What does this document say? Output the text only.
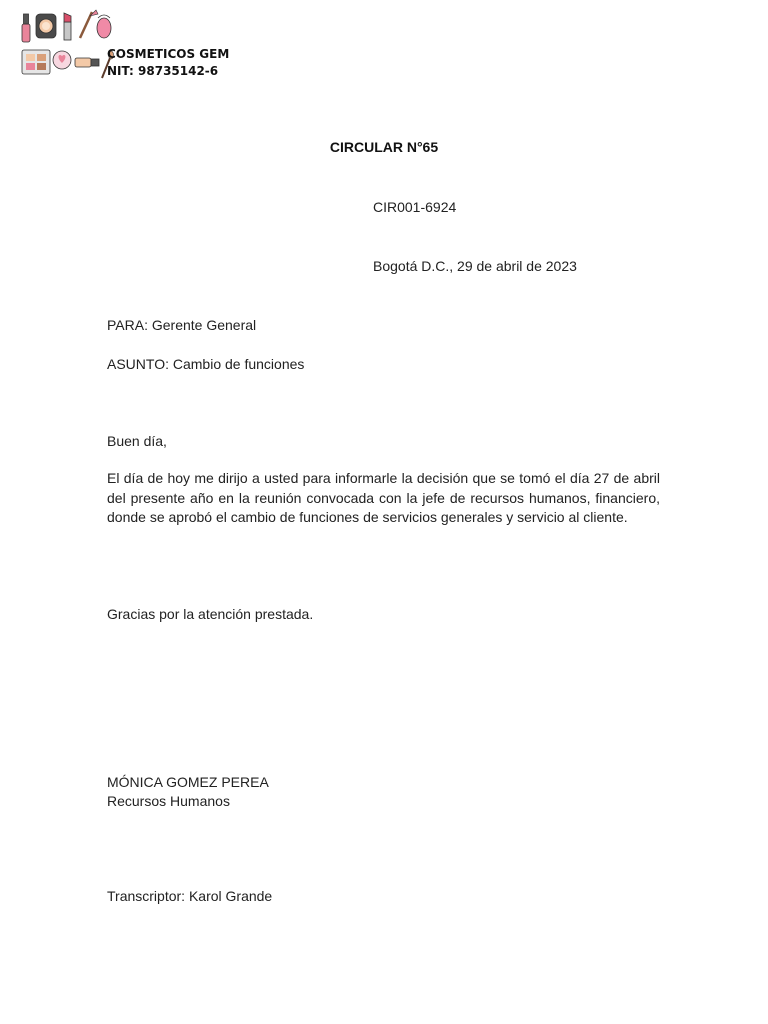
COSMETICOS GEM
NIT: 98735142-6
CIRCULAR N°65
CIR001-6924
Bogotá D.C., 29 de abril de 2023
PARA: Gerente General
ASUNTO: Cambio de funciones
Buen día,
El día de hoy me dirijo a usted para informarle la decisión que se tomó el día 27 de abril del presente año en la reunión convocada con la jefe de recursos humanos, financiero, donde se aprobó el cambio de funciones de servicios generales y servicio al cliente.
Gracias por la atención prestada.
MÓNICA GOMEZ PEREA
Recursos Humanos
Transcriptor: Karol Grande
